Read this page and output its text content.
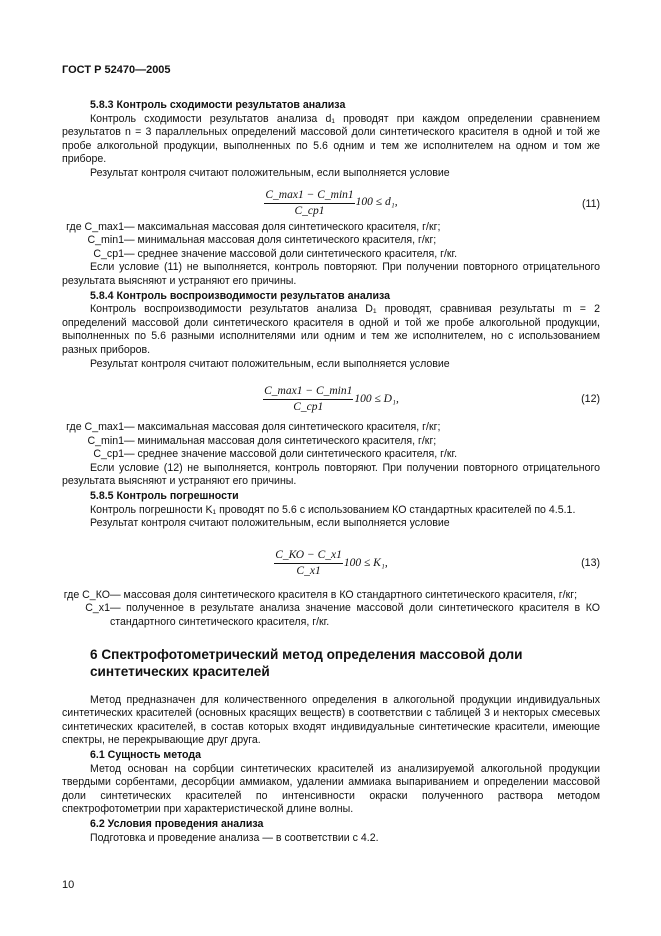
ГОСТ Р 52470—2005

5.8.3 Контроль сходимости результатов анализа

Контроль сходимости результатов анализа d₁ проводят при каждом определении сравнением результатов n = 3 параллельных определений массовой доли синтетического красителя в одной и той же пробе алкогольной продукции, выполненных по 5.6 одним и тем же исполнителем на одном и том же приборе.

Результат контроля считают положительным, если выполняется условие

$\frac{C\_\max 1 - C\_\min 1}{C\_ср1} 100 \le d_1$,	(11)
где C_max1 — максимальная массовая доля синтетического красителя, г/кг;
C_min1 — минимальная массовая доля синтетического красителя, г/кг;
C_ср1 — среднее значение массовой доли синтетического красителя, г/кг.

Если условие (11) не выполняется, контроль повторяют. При получении повторного отрицательного результата выясняют и устраняют его причины.

5.8.4 Контроль воспроизводимости результатов анализа

Контроль воспроизводимости результатов анализа D₁ проводят, сравнивая результаты m = 2 определений массовой доли синтетического красителя в одной и той же пробе алкогольной продукции, выполненных по 5.6 разными исполнителями или одним и тем же исполнителем, но с использованием разных приборов.

Результат контроля считают положительным, если выполняется условие

$\frac{C\_\max 1 - C\_\min 1}{C\_ср1} 100 \le D_1$,	(12)
где C_max1 — максимальная массовая доля синтетического красителя, г/кг;
C_min1 — минимальная массовая доля синтетического красителя, г/кг;
C_ср1 — среднее значение массовой доли синтетического красителя, г/кг.

Если условие (12) не выполняется, контроль повторяют. При получении повторного отрицательного результата выясняют и устраняют его причины.

5.8.5 Контроль погрешности

Контроль погрешности K₁ проводят по 5.6 с использованием КО стандартных красителей по 4.5.1.

Результат контроля считают положительным, если выполняется условие

$\frac{C\_КО - C\_x1}{C\_x1} 100 \le K_1$,	(13)
где C_КО — массовая доля синтетического красителя в КО стандартного синтетического красителя, г/кг;
C_x1 — полученное в результате анализа значение массовой доли синтетического красителя в КО стандартного синтетического красителя, г/кг.

6 Спектрофотометрический метод определения массовой доли синтетических красителей

Метод предназначен для количественного определения в алкогольной продукции индивидуальных синтетических красителей (основных красящих веществ) в соответствии с таблицей 3 и некторых смесевых синтетических красителей, в состав которых входят индивидуальные синтетические красители, имеющие спектры, не перекрывающие друг друга.

6.1 Сущность метода

Метод основан на сорбции синтетических красителей из анализируемой алкогольной продукции твердыми сорбентами, десорбции аммиаком, удалении аммиака выпариванием и определении массовой доли синтетических красителей по интенсивности окраски полученного раствора методом спектрофотометрии при характеристической длине волны.

6.2 Условия проведения анализа

Подготовка и проведение анализа — в соответствии с 4.2.

10
